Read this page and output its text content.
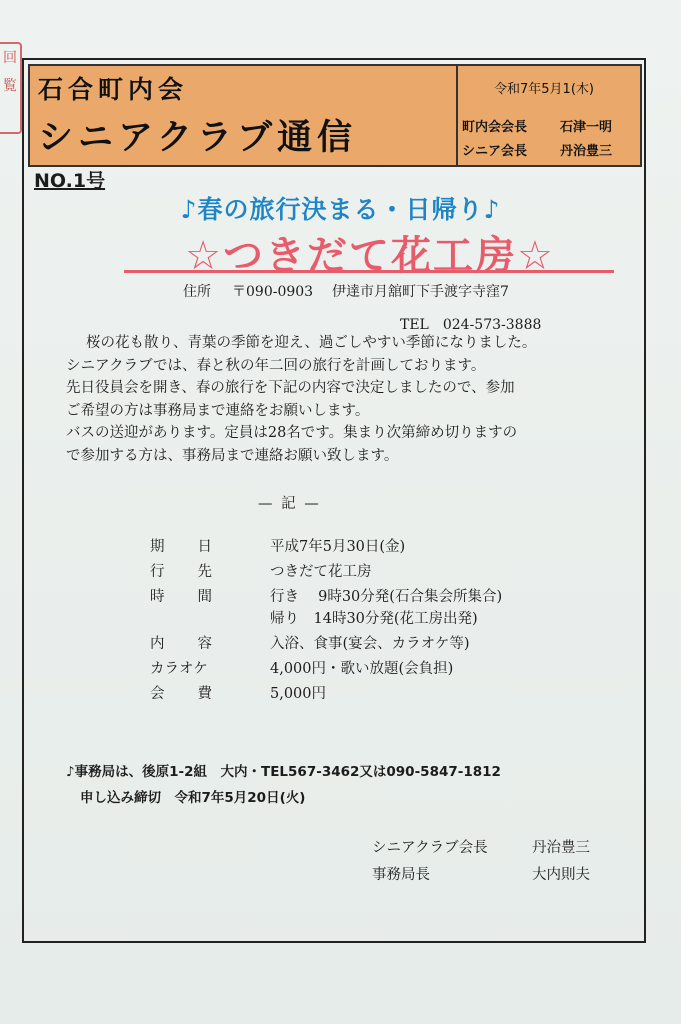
回覧 石合町内会
シニアクラブ通信
令和7年5月1(木)
町内会会長	石津一明
シニア会長	丹治豊三
NO.1号
♪春の旅行決まる・日帰り♪
☆つきだて花工房☆
住所 〒090-0903 伊達市月舘町下手渡字寺窪7
TEL　024-573-3888
桜の花も散り、青葉の季節を迎え、過ごしやすい季節になりました。
シニアクラブでは、春と秋の年二回の旅行を計画しております。
先日役員会を開き、春の旅行を下記の内容で決定しましたので、参加
ご希望の方は事務局まで連絡をお願いします。
バスの送迎があります。定員は28名です。集まり次第締め切りますの
で参加する方は、事務局まで連絡お願い致します。
— 記 —
期 日	平成7年5月30日(金)
行 先	つきだて花工房
時 間	行き　 9時30分発(石合集会所集合)
帰り　14時30分発(花工房出発)
内 容	入浴、食事(宴会、カラオケ等)
カラオケ	4,000円・歌い放題(会負担)
会 費	5,000円
♪事務局は、後原1-2組　大内・TEL567-3462又は090-5847-1812
申し込み締切　令和7年5月20日(火)
シニアクラブ会長	丹治豊三
事務局長	大内則夫
